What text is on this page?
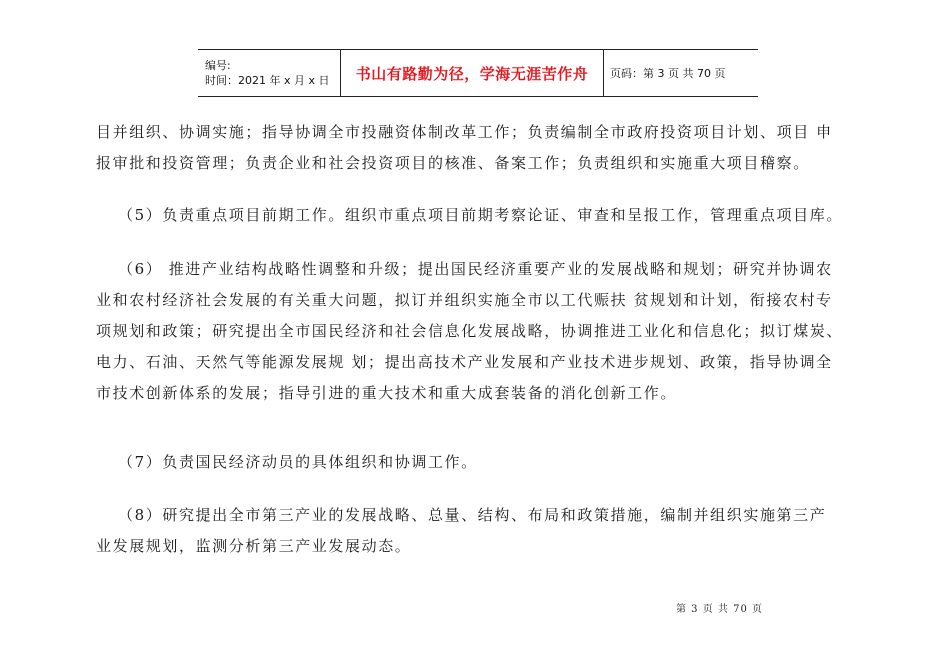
编号:
时间：2021 年 x 月 x 日	书山有路勤为径，学海无涯苦作舟	页码：第 3 页 共 70 页
目并组织、协调实施；指导协调全市投融资体制改革工作；负责编制全市政府投资项目计划、项目 申
报审批和投资管理；负责企业和社会投资项目的核准、备案工作；负责组织和实施重大项目稽察。
（5）负责重点项目前期工作。组织市重点项目前期考察论证、审查和呈报工作，管理重点项目库。
（6） 推进产业结构战略性调整和升级；提出国民经济重要产业的发展战略和规划；研究并协调农
业和农村经济社会发展的有关重大问题，拟订并组织实施全市以工代赈扶 贫规划和计划，衔接农村专
项规划和政策；研究提出全市国民经济和社会信息化发展战略，协调推进工业化和信息化；拟订煤炭、
电力、石油、天然气等能源发展规 划；提出高技术产业发展和产业技术进步规划、政策，指导协调全
市技术创新体系的发展；指导引进的重大技术和重大成套装备的消化创新工作。
（7）负责国民经济动员的具体组织和协调工作。
（8）研究提出全市第三产业的发展战略、总量、结构、布局和政策措施，编制并组织实施第三产
业发展规划，监测分析第三产业发展动态。
第 3 页 共 70 页
